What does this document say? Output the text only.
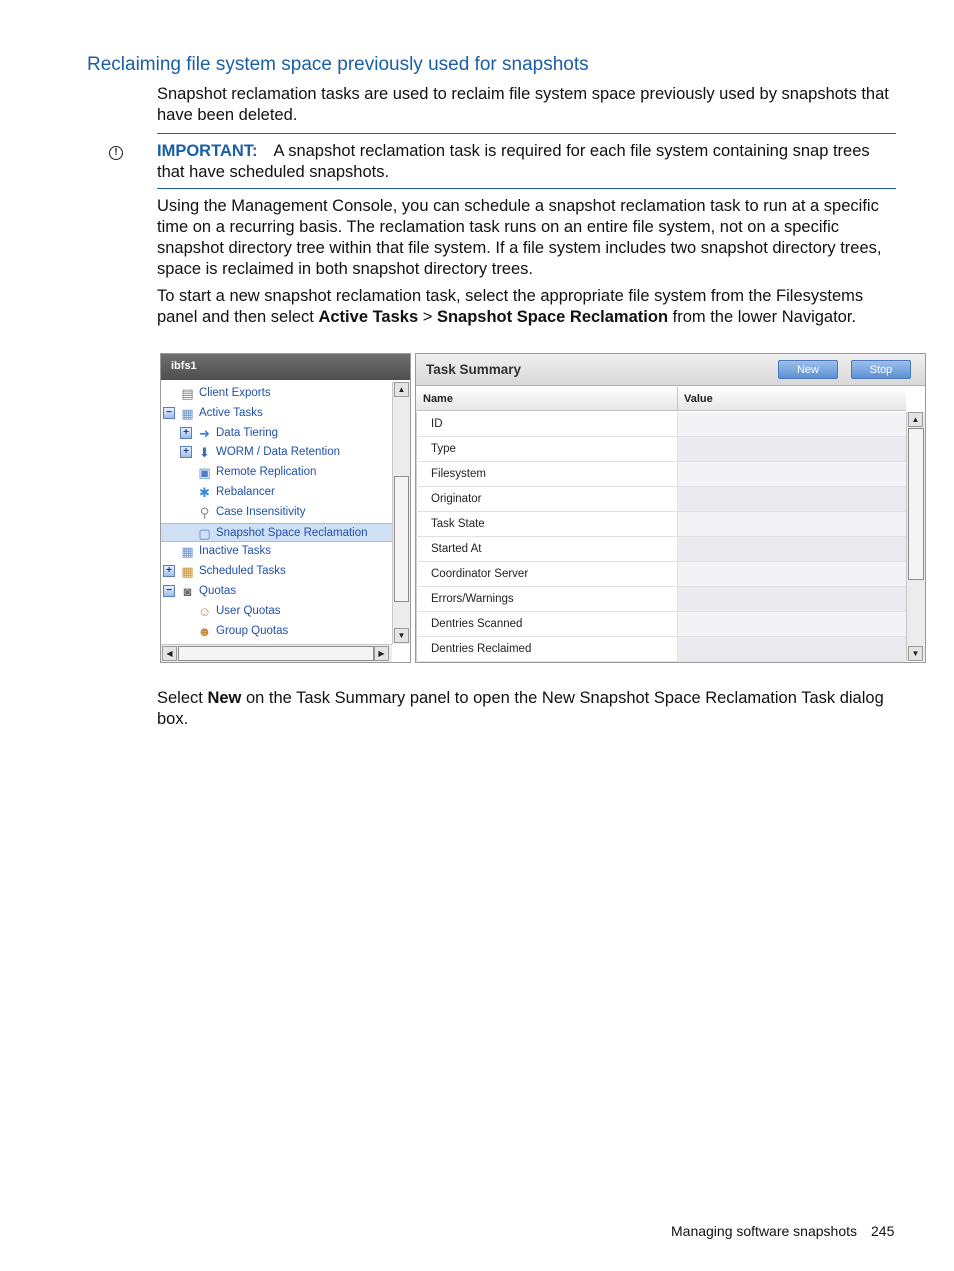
Reclaiming file system space previously used for snapshots
Snapshot reclamation tasks are used to reclaim file system space previously used by snapshots that have been deleted.
!	IMPORTANT: A snapshot reclamation task is required for each file system containing snap trees that have scheduled snapshots.
Using the Management Console, you can schedule a snapshot reclamation task to run at a specific time on a recurring basis. The reclamation task runs on an entire file system, not on a specific snapshot directory tree within that file system. If a file system includes two snapshot directory trees, space is reclaimed in both snapshot directory trees.
To start a new snapshot reclamation task, select the appropriate file system from the Filesystems panel and then select Active Tasks > Snapshot Space Reclamation from the lower Navigator.
ibfs1
▤ Client Exports
− ▦ Active Tasks
+ ➜ Data Tiering
+ ⬇ WORM / Data Retention
▣ Remote Replication
✱ Rebalancer
⚲ Case Insensitivity
▢ Snapshot Space Reclamation
▦ Inactive Tasks
+ ▦ Scheduled Tasks
− ◙ Quotas
☺ User Quotas
☻ Group Quotas
▲
▼
◀	▶
Task Summary	New	Stop
Name	Value
ID
Type
Filesystem
Originator
Task State
Started At
Coordinator Server
Errors/Warnings
Dentries Scanned
Dentries Reclaimed
▲
▼
Select New on the Task Summary panel to open the New Snapshot Space Reclamation Task dialog box.
Managing software snapshots 245
